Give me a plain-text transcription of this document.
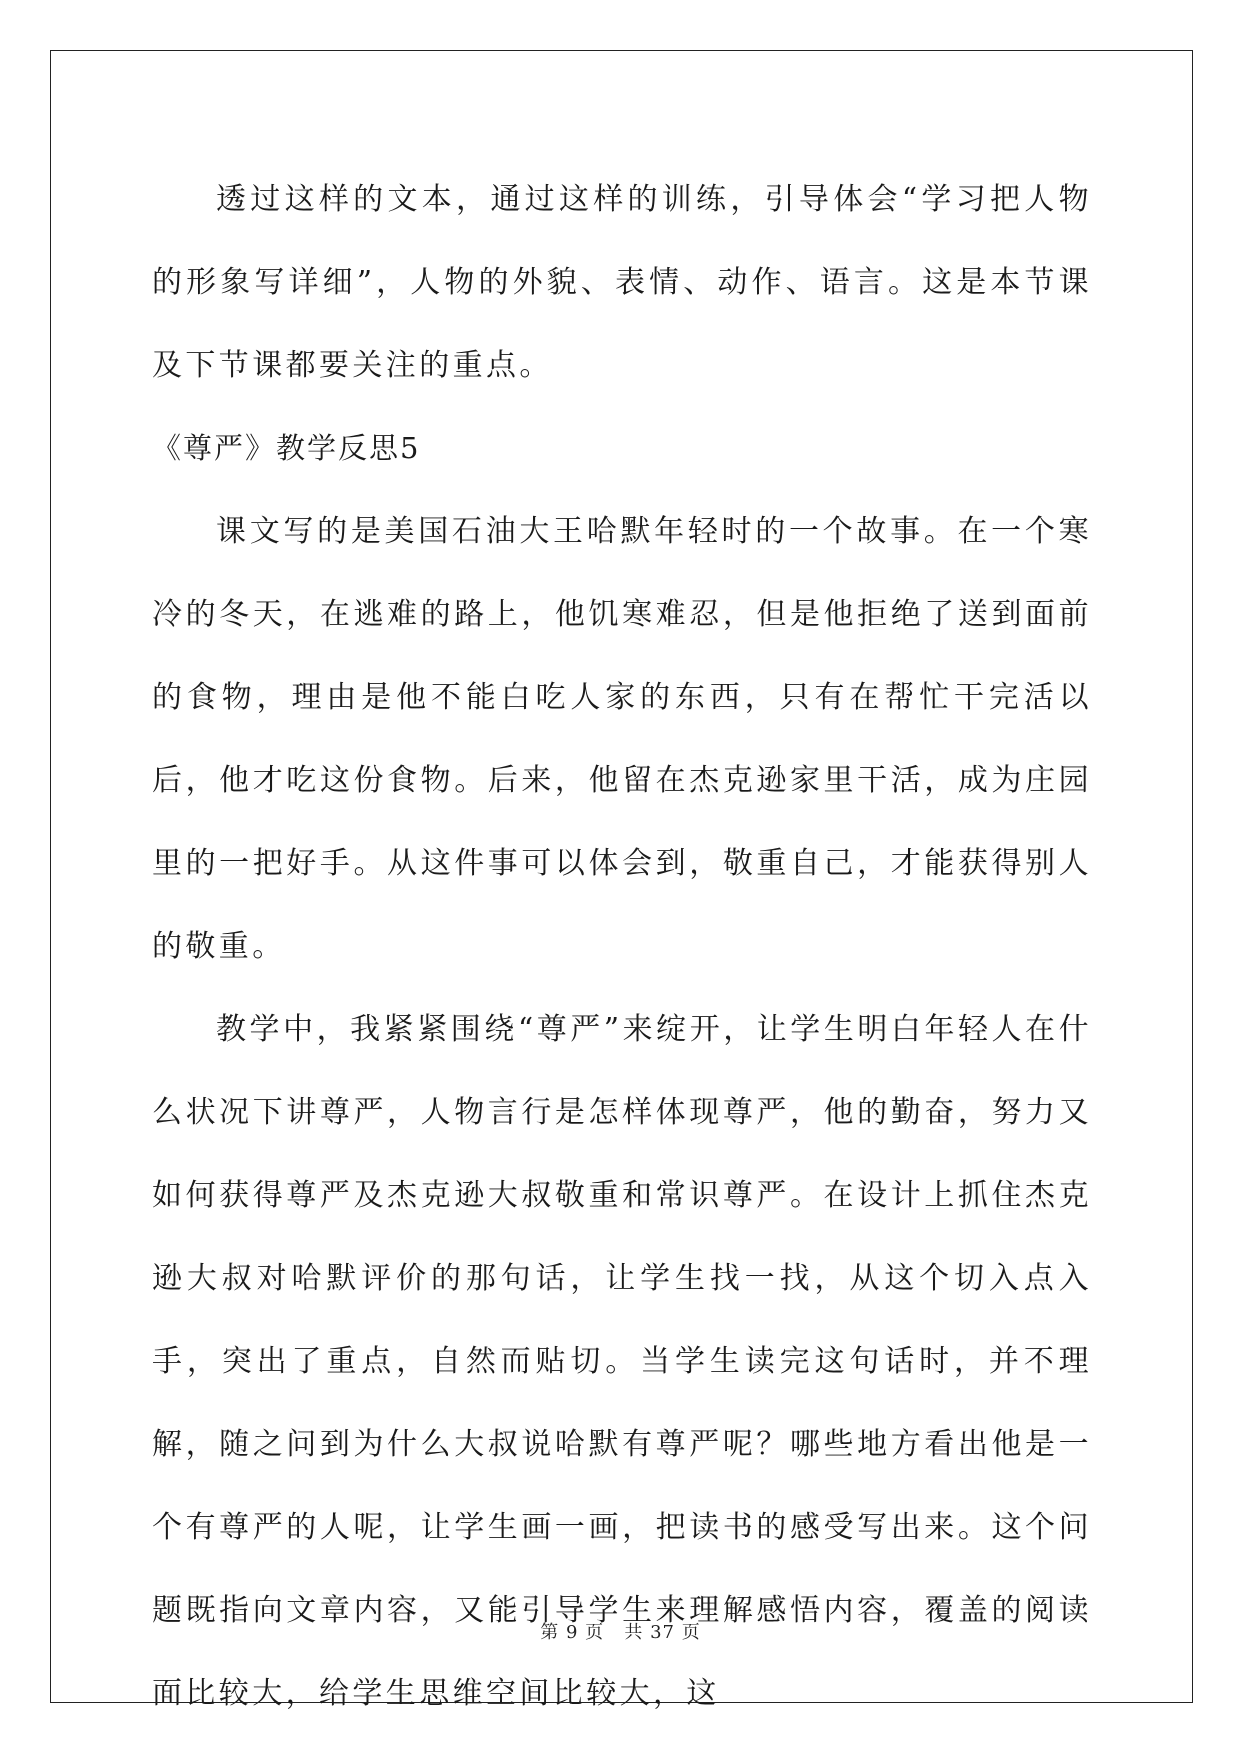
透过这样的文本，通过这样的训练，引导体会“学习把人物的形象写详细”，人物的外貌、表情、动作、语言。这是本节课及下节课都要关注的重点。

《尊严》教学反思5

课文写的是美国石油大王哈默年轻时的一个故事。在一个寒冷的冬天，在逃难的路上，他饥寒难忍，但是他拒绝了送到面前的食物，理由是他不能白吃人家的东西，只有在帮忙干完活以后，他才吃这份食物。后来，他留在杰克逊家里干活，成为庄园里的一把好手。从这件事可以体会到，敬重自己，才能获得别人的敬重。

教学中，我紧紧围绕“尊严”来绽开，让学生明白年轻人在什么状况下讲尊严，人物言行是怎样体现尊严，他的勤奋，努力又如何获得尊严及杰克逊大叔敬重和常识尊严。在设计上抓住杰克逊大叔对哈默评价的那句话，让学生找一找，从这个切入点入手，突出了重点，自然而贴切。当学生读完这句话时，并不理解，随之问到为什么大叔说哈默有尊严呢？哪些地方看出他是一个有尊严的人呢，让学生画一画，把读书的感受写出来。这个问题既指向文章内容，又能引导学生来理解感悟内容，覆盖的阅读面比较大，给学生思维空间比较大，这

第 9 页 共 37 页
